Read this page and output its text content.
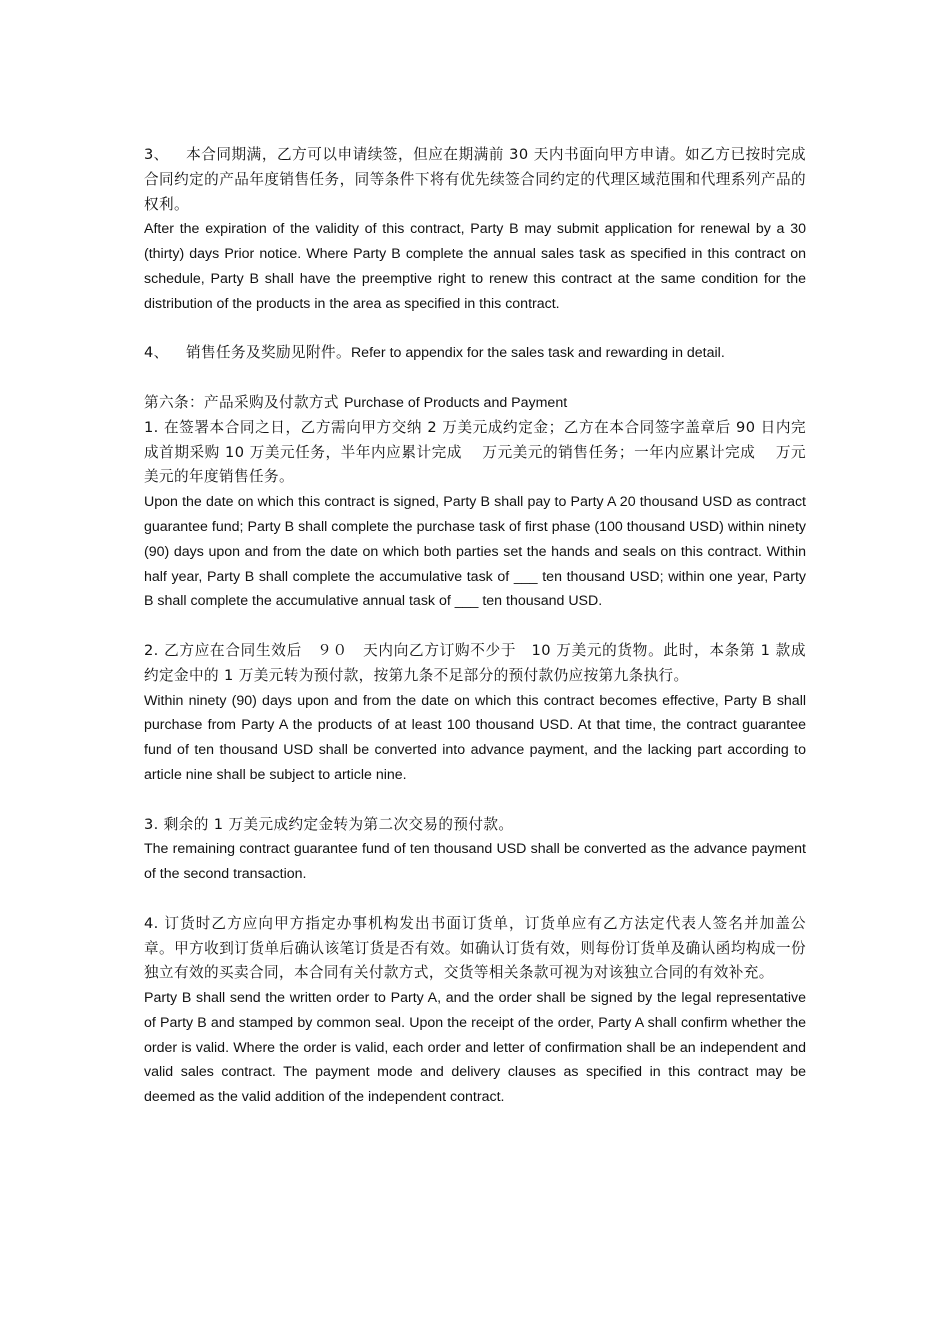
3、 本合同期满，乙方可以申请续签，但应在期满前 30 天内书面向甲方申请。如乙方已按时完成合同约定的产品年度销售任务，同等条件下将有优先续签合同约定的代理区域范围和代理系列产品的权利。

After the expiration of the validity of this contract, Party B may submit application for renewal by a 30 (thirty) days Prior notice. Where Party B complete the annual sales task as specified in this contract on schedule, Party B shall have the preemptive right to renew this contract at the same condition for the distribution of the products in the area as specified in this contract.

4、 销售任务及奖励见附件。Refer to appendix for the sales task and rewarding in detail.

第六条：产品采购及付款方式 Purchase of Products and Payment

1. 在签署本合同之日，乙方需向甲方交纳 2 万美元成约定金；乙方在本合同签字盖章后 90 日内完成首期采购 10 万美元任务，半年内应累计完成　 万元美元的销售任务；一年内应累计完成　 万元美元的年度销售任务。

Upon the date on which this contract is signed, Party B shall pay to Party A 20 thousand USD as contract guarantee fund; Party B shall complete the purchase task of first phase (100 thousand USD) within ninety (90) days upon and from the date on which both parties set the hands and seals on this contract. Within half year, Party B shall complete the accumulative task of ___ ten thousand USD; within one year, Party B shall complete the accumulative annual task of ___ ten thousand USD.

2. 乙方应在合同生效后　９０　天内向乙方订购不少于　10 万美元的货物。此时，本条第 1 款成约定金中的 1 万美元转为预付款，按第九条不足部分的预付款仍应按第九条执行。

Within ninety (90) days upon and from the date on which this contract becomes effective, Party B shall purchase from Party A the products of at least 100 thousand USD. At that time, the contract guarantee fund of ten thousand USD shall be converted into advance payment, and the lacking part according to article nine shall be subject to article nine.

3. 剩余的 1 万美元成约定金转为第二次交易的预付款。

The remaining contract guarantee fund of ten thousand USD shall be converted as the advance payment of the second transaction.

4. 订货时乙方应向甲方指定办事机构发出书面订货单，订货单应有乙方法定代表人签名并加盖公章。甲方收到订货单后确认该笔订货是否有效。如确认订货有效，则每份订货单及确认函均构成一份独立有效的买卖合同，本合同有关付款方式，交货等相关条款可视为对该独立合同的有效补充。

Party B shall send the written order to Party A, and the order shall be signed by the legal representative of Party B and stamped by common seal. Upon the receipt of the order, Party A shall confirm whether the order is valid. Where the order is valid, each order and letter of confirmation shall be an independent and valid sales contract. The payment mode and delivery clauses as specified in this contract may be deemed as the valid addition of the independent contract.
